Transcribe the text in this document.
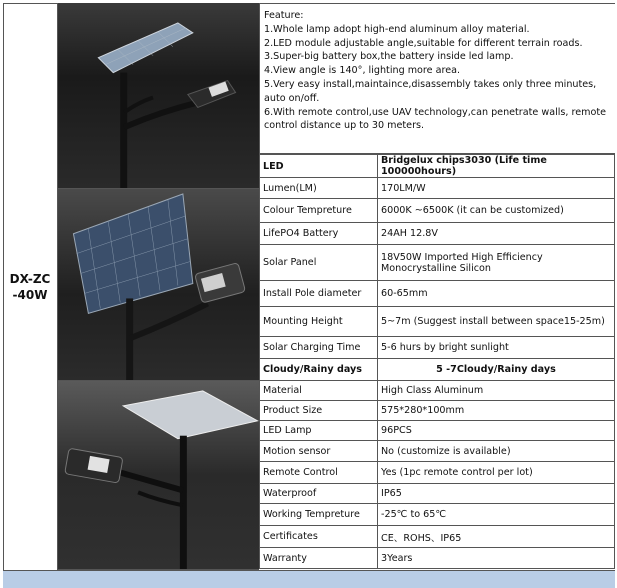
DX-ZC-40W
Feature:
1.Whole lamp adopt high-end aluminum alloy material.
2.LED module adjustable angle,suitable for different terrain roads.
3.Super-big battery box,the battery inside led lamp.
4.View angle is 140°, lighting more area.
5.Very easy install,maintaince,disassembly takes only three minutes, auto on/off.
6.With remote control,use UAV technology,can penetrate walls, remote control distance up to 30 meters.
LED	Bridgelux chips3030 (Life time 100000hours)
Lumen(LM)	170LM/W
Colour Tempreture	6000K ~6500K (it can be customized)
LifePO4 Battery	24AH 12.8V
Solar Panel	18V50W Imported High Efficiency Monocrystalline Silicon
Install Pole diameter	60-65mm
Mounting Height	5~7m (Suggest install between space15-25m)
Solar Charging Time	5-6 hurs by bright sunlight
Cloudy/Rainy days	5 -7Cloudy/Rainy days
Material	High Class Aluminum
Product Size	575*280*100mm
LED Lamp	96PCS
Motion sensor	No (customize is available)
Remote Control	Yes (1pc remote control per lot)
Waterproof	IP65
Working Tempreture	-25℃ to 65℃
Certificates	CE、ROHS、IP65
Warranty	3Years
